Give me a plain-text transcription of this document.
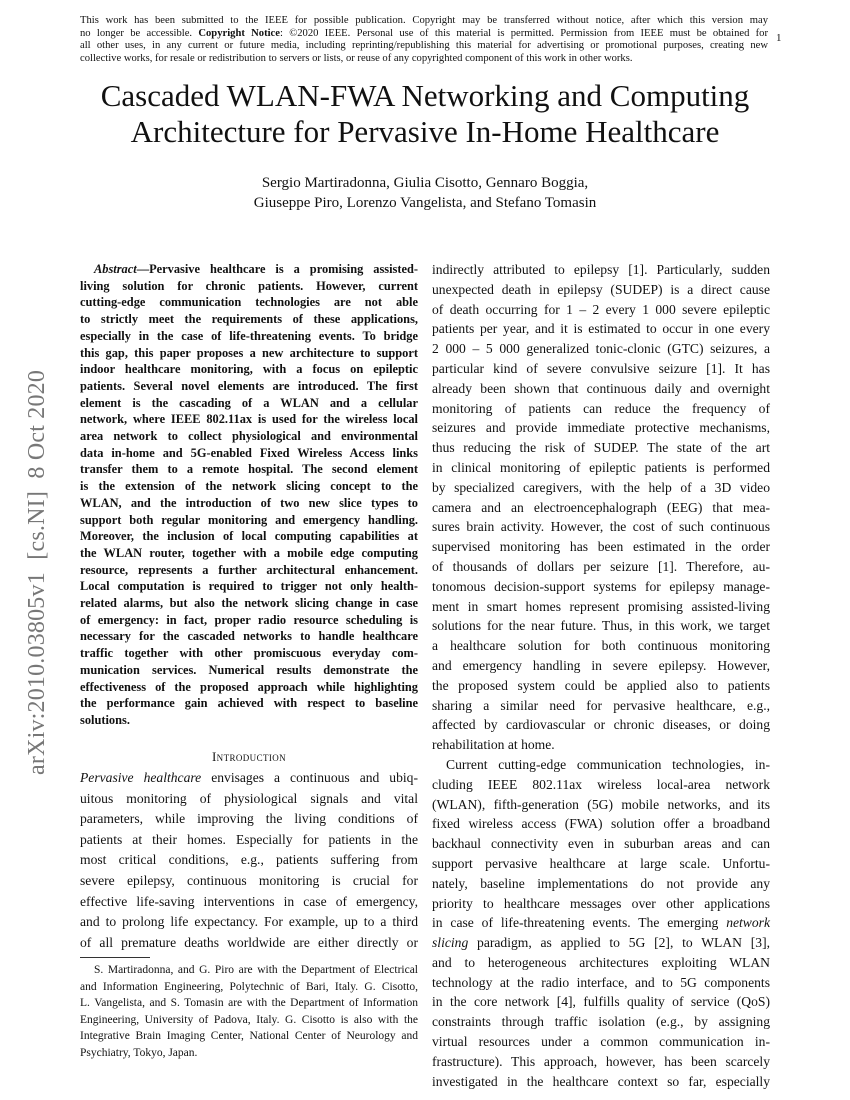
This work has been submitted to the IEEE for possible publication. Copyright may be transferred without notice, after which this version may
no longer be accessible. Copyright Notice: ©2020 IEEE. Personal use of this material is permitted. Permission from IEEE must be obtained for
all other uses, in any current or future media, including reprinting/republishing this material for advertising or promotional purposes, creating new
collective works, for resale or redistribution to servers or lists, or reuse of any copyrighted component of this work in other works.
1
Cascaded WLAN-FWA Networking and Computing
Architecture for Pervasive In-Home Healthcare
Sergio Martiradonna, Giulia Cisotto, Gennaro Boggia,
Giuseppe Piro, Lorenzo Vangelista, and Stefano Tomasin
arXiv:2010.03805v1  [cs.NI]  8 Oct 2020
Abstract—Pervasive healthcare is a promising assisted-
living solution for chronic patients. However, current
cutting-edge communication technologies are not able
to strictly meet the requirements of these applications,
especially in the case of life-threatening events. To bridge
this gap, this paper proposes a new architecture to support
indoor healthcare monitoring, with a focus on epileptic
patients. Several novel elements are introduced. The first
element is the cascading of a WLAN and a cellular
network, where IEEE 802.11ax is used for the wireless local
area network to collect physiological and environmental
data in-home and 5G-enabled Fixed Wireless Access links
transfer them to a remote hospital. The second element
is the extension of the network slicing concept to the
WLAN, and the introduction of two new slice types to
support both regular monitoring and emergency handling.
Moreover, the inclusion of local computing capabilities at
the WLAN router, together with a mobile edge computing
resource, represents a further architectural enhancement.
Local computation is required to trigger not only health-
related alarms, but also the network slicing change in case
of emergency: in fact, proper radio resource scheduling is
necessary for the cascaded networks to handle healthcare
traffic together with other promiscuous everyday com-
munication services. Numerical results demonstrate the
effectiveness of the proposed approach while highlighting
the performance gain achieved with respect to baseline
solutions.
Introduction
Pervasive healthcare envisages a continuous and ubiq-
uitous monitoring of physiological signals and vital
parameters, while improving the living conditions of
patients at their homes. Especially for patients in the
most critical conditions, e.g., patients suffering from
severe epilepsy, continuous monitoring is crucial for
effective life-saving interventions in case of emergency,
and to prolong life expectancy. For example, up to a third
of all premature deaths worldwide are either directly or
S. Martiradonna, and G. Piro are with the Department of Electrical
and Information Engineering, Polytechnic of Bari, Italy. G. Cisotto,
L. Vangelista, and S. Tomasin are with the Department of Information
Engineering, University of Padova, Italy. G. Cisotto is also with the
Integrative Brain Imaging Center, National Center of Neurology and
Psychiatry, Tokyo, Japan.
indirectly attributed to epilepsy [1]. Particularly, sudden
unexpected death in epilepsy (SUDEP) is a direct cause
of death occurring for 1 – 2 every 1 000 severe epileptic
patients per year, and it is estimated to occur in one every
2 000 – 5 000 generalized tonic-clonic (GTC) seizures, a
particular kind of severe convulsive seizure [1]. It has
already been shown that continuous daily and overnight
monitoring of patients can reduce the frequency of
seizures and provide immediate protective mechanisms,
thus reducing the risk of SUDEP. The state of the art
in clinical monitoring of epileptic patients is performed
by specialized caregivers, with the help of a 3D video
camera and an electroencephalograph (EEG) that mea-
sures brain activity. However, the cost of such continuous
supervised monitoring has been estimated in the order
of thousands of dollars per seizure [1]. Therefore, au-
tonomous decision-support systems for epilepsy manage-
ment in smart homes represent promising assisted-living
solutions for the near future. Thus, in this work, we target
a healthcare solution for both continuous monitoring
and emergency handling in severe epilepsy. However,
the proposed system could be applied also to patients
sharing a similar need for pervasive healthcare, e.g.,
affected by cardiovascular or chronic diseases, or doing
rehabilitation at home.
Current cutting-edge communication technologies, in-
cluding IEEE 802.11ax wireless local-area network
(WLAN), fifth-generation (5G) mobile networks, and its
fixed wireless access (FWA) solution offer a broadband
backhaul connectivity even in suburban areas and can
support pervasive healthcare at large scale. Unfortu-
nately, baseline implementations do not provide any
priority to healthcare messages over other applications
in case of life-threatening events. The emerging network
slicing paradigm, as applied to 5G [2], to WLAN [3],
and to heterogeneous architectures exploiting WLAN
technology at the radio interface, and to 5G components
in the core network [4], fulfills quality of service (QoS)
constraints through traffic isolation (e.g., by assigning
virtual resources under a common communication in-
frastructure). This approach, however, has been scarcely
investigated in the healthcare context so far, especially
